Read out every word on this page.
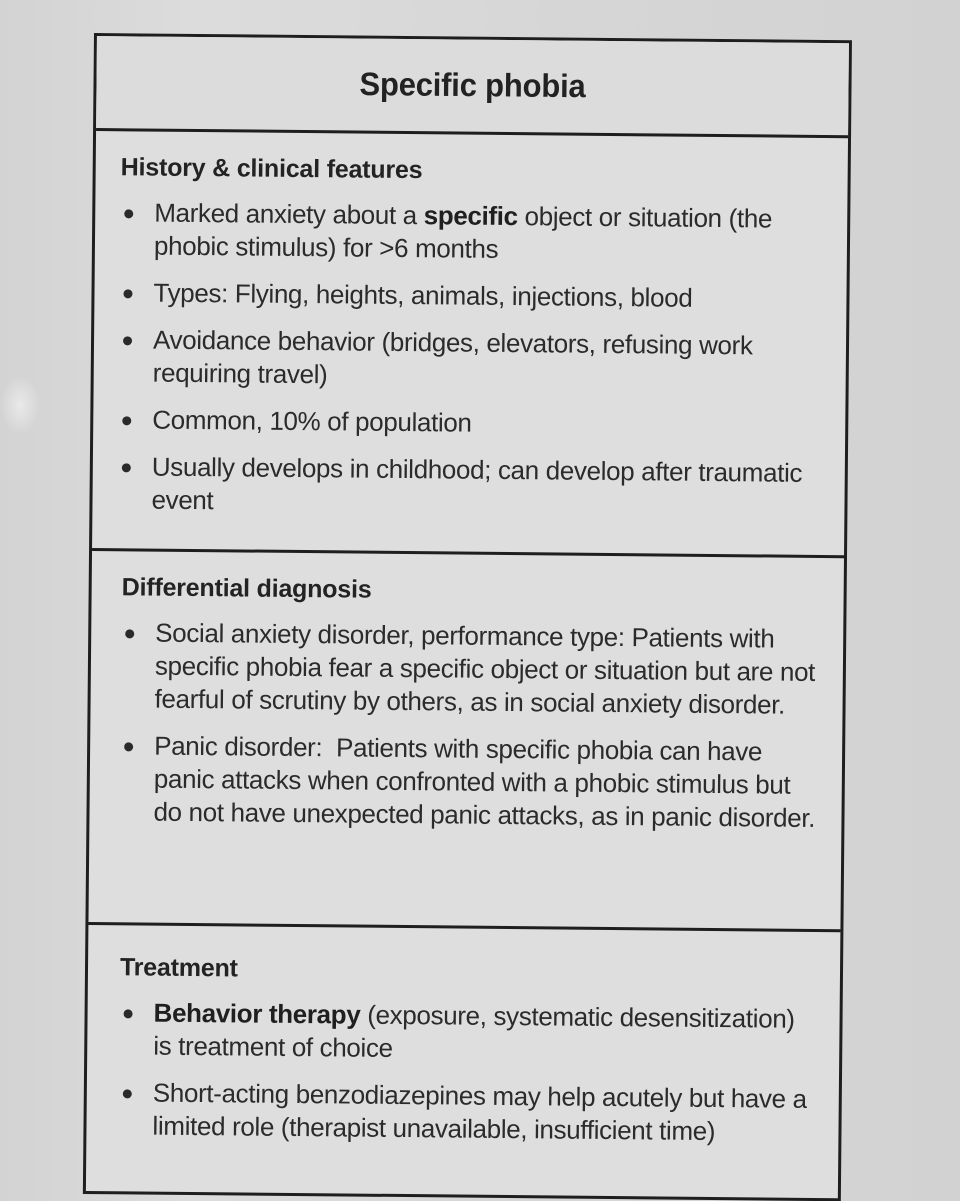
Specific phobia
History & clinical features
Marked anxiety about a specific object or situation (the phobic stimulus) for >6 months
Types: Flying, heights, animals, injections, blood
Avoidance behavior (bridges, elevators, refusing work requiring travel)
Common, 10% of population
Usually develops in childhood; can develop after traumatic event
Differential diagnosis
Social anxiety disorder, performance type: Patients with specific phobia fear a specific object or situation but are not fearful of scrutiny by others, as in social anxiety disorder.
Panic disorder:  Patients with specific phobia can have panic attacks when confronted with a phobic stimulus but do not have unexpected panic attacks, as in panic disorder.
Treatment
Behavior therapy (exposure, systematic desensitization) is treatment of choice
Short-acting benzodiazepines may help acutely but have a limited role (therapist unavailable, insufficient time)
